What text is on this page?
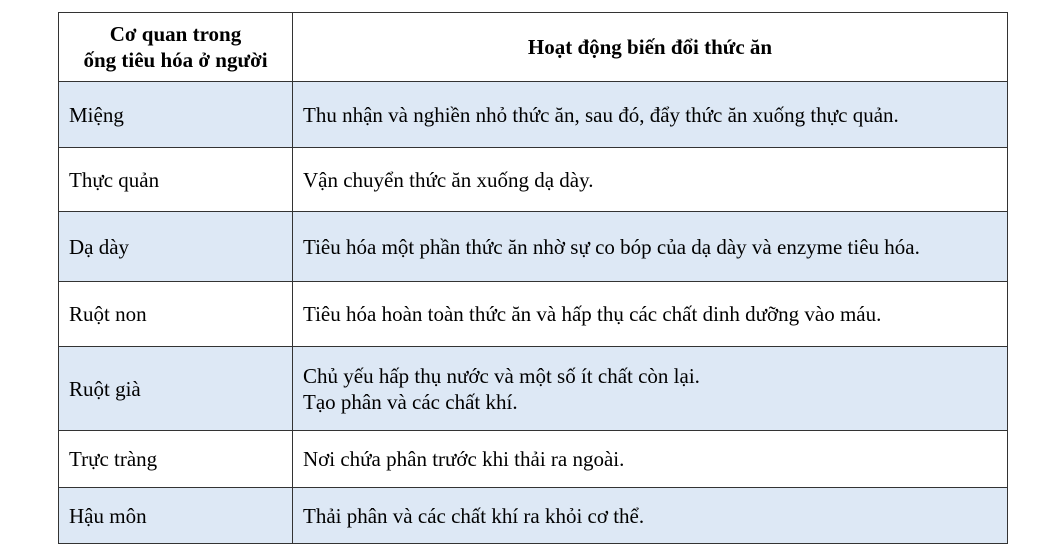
Cơ quan trong
ống tiêu hóa ở người	Hoạt động biến đổi thức ăn

Miệng	Thu nhận và nghiền nhỏ thức ăn, sau đó, đẩy thức ăn xuống thực quản.

Thực quản	Vận chuyển thức ăn xuống dạ dày.

Dạ dày	Tiêu hóa một phần thức ăn nhờ sự co bóp của dạ dày và enzyme tiêu hóa.

Ruột non	Tiêu hóa hoàn toàn thức ăn và hấp thụ các chất dinh dưỡng vào máu.

Ruột già	Chủ yếu hấp thụ nước và một số ít chất còn lại.
Tạo phân và các chất khí.

Trực tràng	Nơi chứa phân trước khi thải ra ngoài.

Hậu môn	Thải phân và các chất khí ra khỏi cơ thể.
